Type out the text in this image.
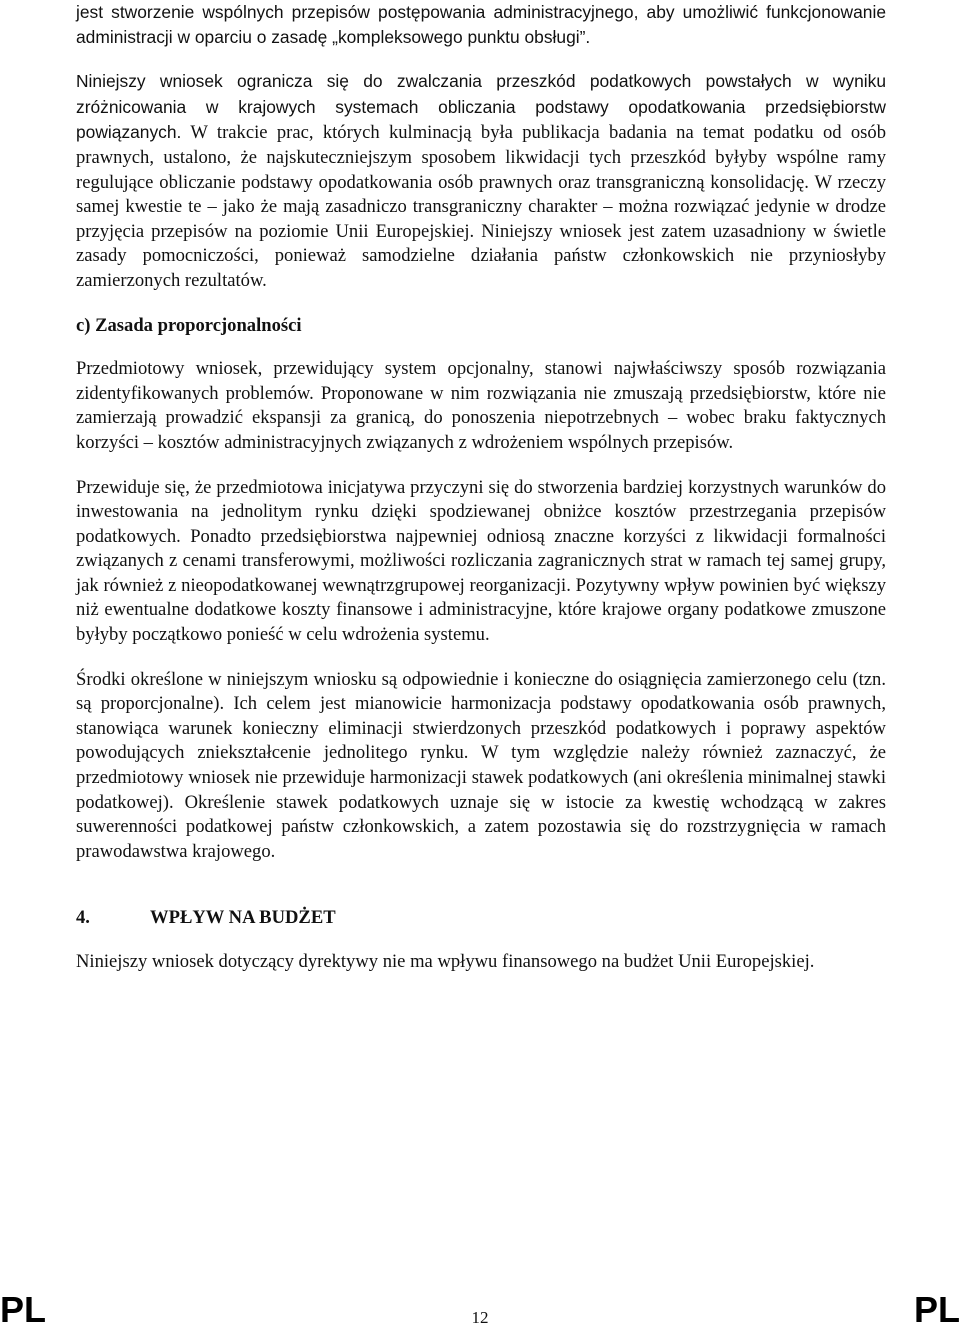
jest stworzenie wspólnych przepisów postępowania administracyjnego, aby umożliwić funkcjonowanie administracji w oparciu o zasadę „kompleksowego punktu obsługi”.

Niniejszy wniosek ogranicza się do zwalczania przeszkód podatkowych powstałych w wyniku zróżnicowania w krajowych systemach obliczania podstawy opodatkowania przedsiębiorstw powiązanych. W trakcie prac, których kulminacją była publikacja badania na temat podatku od osób prawnych, ustalono, że najskuteczniejszym sposobem likwidacji tych przeszkód byłyby wspólne ramy regulujące obliczanie podstawy opodatkowania osób prawnych oraz transgraniczną konsolidację. W rzeczy samej kwestie te – jako że mają zasadniczo transgraniczny charakter – można rozwiązać jedynie w drodze przyjęcia przepisów na poziomie Unii Europejskiej. Niniejszy wniosek jest zatem uzasadniony w świetle zasady pomocniczości, ponieważ samodzielne działania państw członkowskich nie przyniosłyby zamierzonych rezultatów.

c) Zasada proporcjonalności

Przedmiotowy wniosek, przewidujący system opcjonalny, stanowi najwłaściwszy sposób rozwiązania zidentyfikowanych problemów. Proponowane w nim rozwiązania nie zmuszają przedsiębiorstw, które nie zamierzają prowadzić ekspansji za granicą, do ponoszenia niepotrzebnych – wobec braku faktycznych korzyści – kosztów administracyjnych związanych z wdrożeniem wspólnych przepisów.

Przewiduje się, że przedmiotowa inicjatywa przyczyni się do stworzenia bardziej korzystnych warunków do inwestowania na jednolitym rynku dzięki spodziewanej obniżce kosztów przestrzegania przepisów podatkowych. Ponadto przedsiębiorstwa najpewniej odniosą znaczne korzyści z likwidacji formalności związanych z cenami transferowymi, możliwości rozliczania zagranicznych strat w ramach tej samej grupy, jak również z nieopodatkowanej wewnątrzgrupowej reorganizacji. Pozytywny wpływ powinien być większy niż ewentualne dodatkowe koszty finansowe i administracyjne, które krajowe organy podatkowe zmuszone byłyby początkowo ponieść w celu wdrożenia systemu.

Środki określone w niniejszym wniosku są odpowiednie i konieczne do osiągnięcia zamierzonego celu (tzn. są proporcjonalne). Ich celem jest mianowicie harmonizacja podstawy opodatkowania osób prawnych, stanowiąca warunek konieczny eliminacji stwierdzonych przeszkód podatkowych i poprawy aspektów powodujących zniekształcenie jednolitego rynku. W tym względzie należy również zaznaczyć, że przedmiotowy wniosek nie przewiduje harmonizacji stawek podatkowych (ani określenia minimalnej stawki podatkowej). Określenie stawek podatkowych uznaje się w istocie za kwestię wchodzącą w zakres suwerenności podatkowej państw członkowskich, a zatem pozostawia się do rozstrzygnięcia w ramach prawodawstwa krajowego.

4.	WPŁYW NA BUDŻET

Niniejszy wniosek dotyczący dyrektywy nie ma wpływu finansowego na budżet Unii Europejskiej.

PL	12	PL
